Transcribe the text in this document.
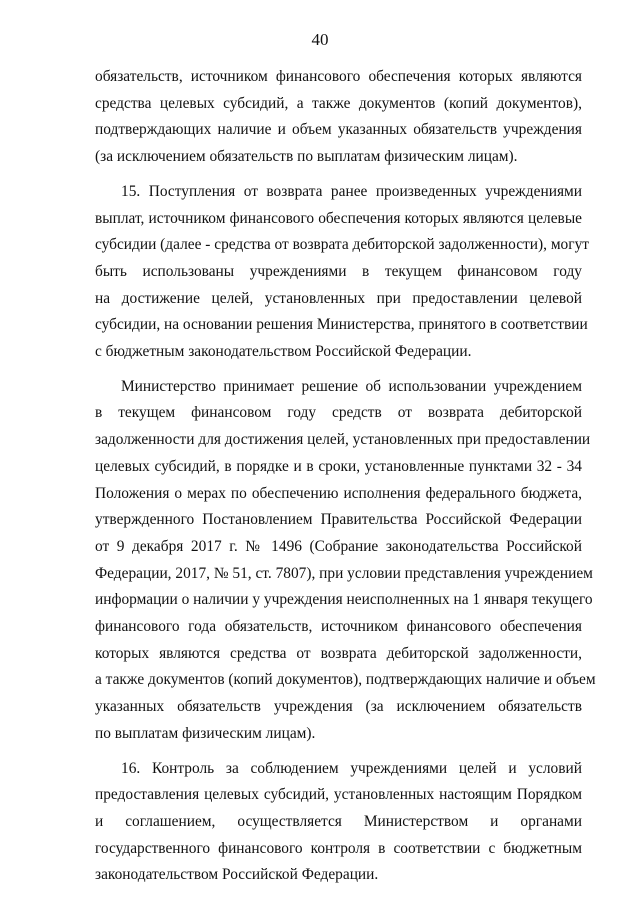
40
обязательств, источником финансового обеспечения которых являются
средства целевых субсидий, а также документов (копий документов),
подтверждающих наличие и объем указанных обязательств учреждения
(за исключением обязательств по выплатам физическим лицам).
15. Поступления от возврата ранее произведенных учреждениями
выплат, источником финансового обеспечения которых являются целевые
субсидии (далее - средства от возврата дебиторской задолженности), могут
быть использованы учреждениями в текущем финансовом году
на достижение целей, установленных при предоставлении целевой
субсидии, на основании решения Министерства, принятого в соответствии
с бюджетным законодательством Российской Федерации.
Министерство принимает решение об использовании учреждением
в текущем финансовом году средств от возврата дебиторской
задолженности для достижения целей, установленных при предоставлении
целевых субсидий, в порядке и в сроки, установленные пунктами 32 - 34
Положения о мерах по обеспечению исполнения федерального бюджета,
утвержденного Постановлением Правительства Российской Федерации
от 9 декабря 2017 г. № 1496 (Собрание законодательства Российской
Федерации, 2017, № 51, ст. 7807), при условии представления учреждением
информации о наличии у учреждения неисполненных на 1 января текущего
финансового года обязательств, источником финансового обеспечения
которых являются средства от возврата дебиторской задолженности,
а также документов (копий документов), подтверждающих наличие и объем
указанных обязательств учреждения (за исключением обязательств
по выплатам физическим лицам).
16. Контроль за соблюдением учреждениями целей и условий
предоставления целевых субсидий, установленных настоящим Порядком
и соглашением, осуществляется Министерством и органами
государственного финансового контроля в соответствии с бюджетным
законодательством Российской Федерации.
